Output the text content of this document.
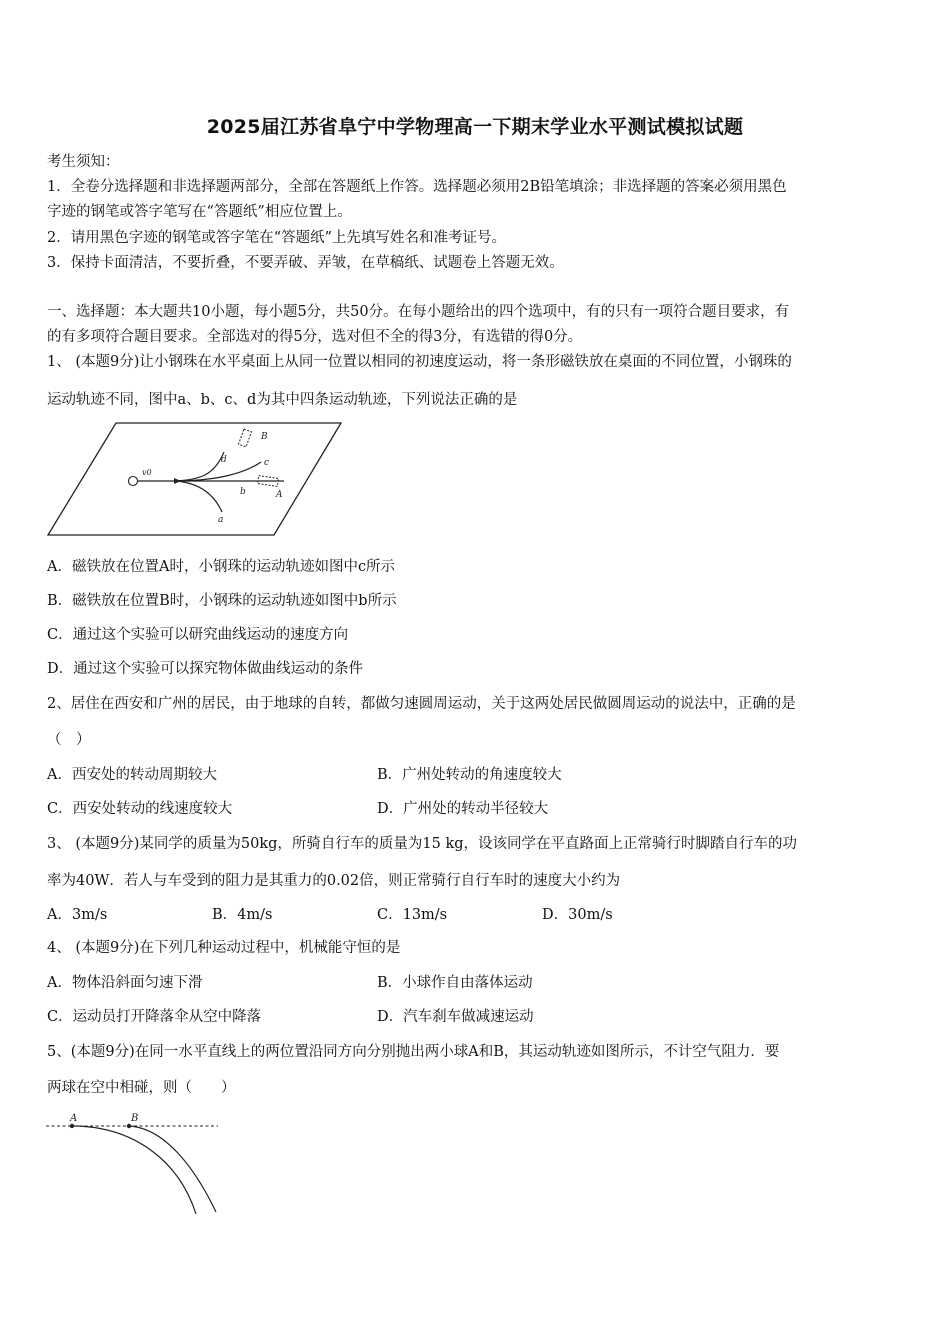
2025届江苏省阜宁中学物理高一下期末学业水平测试模拟试题
考生须知：
1．全卷分选择题和非选择题两部分，全部在答题纸上作答。选择题必须用2B铅笔填涂；非选择题的答案必须用黑色
字迹的钢笔或答字笔写在“答题纸”相应位置上。
2．请用黑色字迹的钢笔或答字笔在“答题纸”上先填写姓名和准考证号。
3．保持卡面清洁，不要折叠，不要弄破、弄皱，在草稿纸、试题卷上答题无效。
一、选择题：本大题共10小题，每小题5分，共50分。在每小题给出的四个选项中，有的只有一项符合题目要求，有
的有多项符合题目要求。全部选对的得5分，选对但不全的得3分，有选错的得0分。
1、 (本题9分)让小钢珠在水平桌面上从同一位置以相同的初速度运动，将一条形磁铁放在桌面的不同位置，小钢珠的
运动轨迹不同，图中a、b、c、d为其中四条运动轨迹，下列说法正确的是
v0
B
d	c
b	A
a
A．磁铁放在位置A时，小钢珠的运动轨迹如图中c所示
B．磁铁放在位置B时，小钢珠的运动轨迹如图中b所示
C．通过这个实验可以研究曲线运动的速度方向
D．通过这个实验可以探究物体做曲线运动的条件
2、居住在西安和广州的居民，由于地球的自转，都做匀速圆周运动，关于这两处居民做圆周运动的说法中，正确的是
（　）
A．西安处的转动周期较大	B．广州处转动的角速度较大
C．西安处转动的线速度较大	D．广州处的转动半径较大
3、 (本题9分)某同学的质量为50kg，所骑自行车的质量为15 kg，设该同学在平直路面上正常骑行时脚踏自行车的功
率为40W．若人与车受到的阻力是其重力的0.02倍，则正常骑行自行车时的速度大小约为
A．3m/s	B．4m/s	C．13m/s	D．30m/s
4、 (本题9分)在下列几种运动过程中，机械能守恒的是
A．物体沿斜面匀速下滑	B．小球作自由落体运动
C．运动员打开降落伞从空中降落	D．汽车刹车做减速运动
5、(本题9分)在同一水平直线上的两位置沿同方向分别抛出两小球A和B，其运动轨迹如图所示，不计空气阻力．要
两球在空中相碰，则（　　）
A	B
